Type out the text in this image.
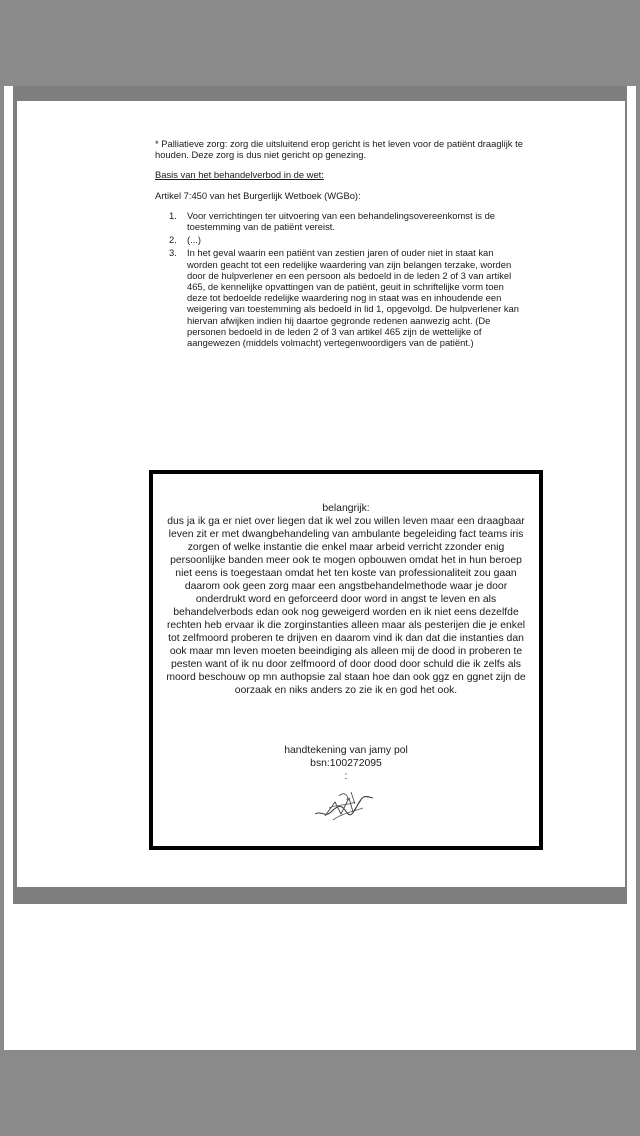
* Palliatieve zorg: zorg die uitsluitend erop gericht is het leven voor de patiënt draaglijk te houden. Deze zorg is dus niet gericht op genezing.

Basis van het behandelverbod in de wet:

Artikel 7:450 van het Burgerlijk Wetboek (WGBo):

1.	Voor verrichtingen ter uitvoering van een behandelingsovereenkomst is de toestemming van de patiënt vereist.
2.	(...)
3.	In het geval waarin een patiënt van zestien jaren of ouder niet in staat kan worden geacht tot een redelijke waardering van zijn belangen terzake, worden door de hulpverlener en een persoon als bedoeld in de leden 2 of 3 van artikel 465, de kennelijke opvattingen van de patiënt, geuit in schriftelijke vorm toen deze tot bedoelde redelijke waardering nog in staat was en inhoudende een weigering van toestemming als bedoeld in lid 1, opgevolgd. De hulpverlener kan hiervan afwijken indien hij daartoe gegronde redenen aanwezig acht. (De personen bedoeld in de leden 2 of 3 van artikel 465 zijn de wettelijke of aangewezen (middels volmacht) vertegenwoordigers van de patiënt.)
belangrijk:
dus ja ik ga er niet over liegen dat ik wel zou willen leven maar een draagbaar leven zit er met dwangbehandeling van ambulante begeleiding fact teams iris zorgen of welke instantie die enkel maar arbeid verricht zzonder enig persoonlijke banden meer ook te mogen opbouwen omdat het in hun beroep niet eens is toegestaan omdat het ten koste van professionaliteit zou gaan daarom ook geen zorg maar een angstbehandelmethode waar je door onderdrukt word en geforceerd door word in angst te leven en als behandelverbods edan ook nog geweigerd worden en ik niet eens dezelfde rechten heb ervaar ik die zorginstanties alleen maar als pesterijen die je enkel tot zelfmoord proberen te drijven en daarom vind ik dan dat die instanties dan ook maar mn leven moeten beeindiging als alleen mij de dood in proberen te pesten want of ik nu door zelfmoord of door dood door schuld die ik zelfs als moord beschouw op mn authopsie zal staan hoe dan ook ggz en ggnet zijn de oorzaak en niks anders zo zie ik en god het ook.
handtekening van jamy pol
bsn:100272095
:
